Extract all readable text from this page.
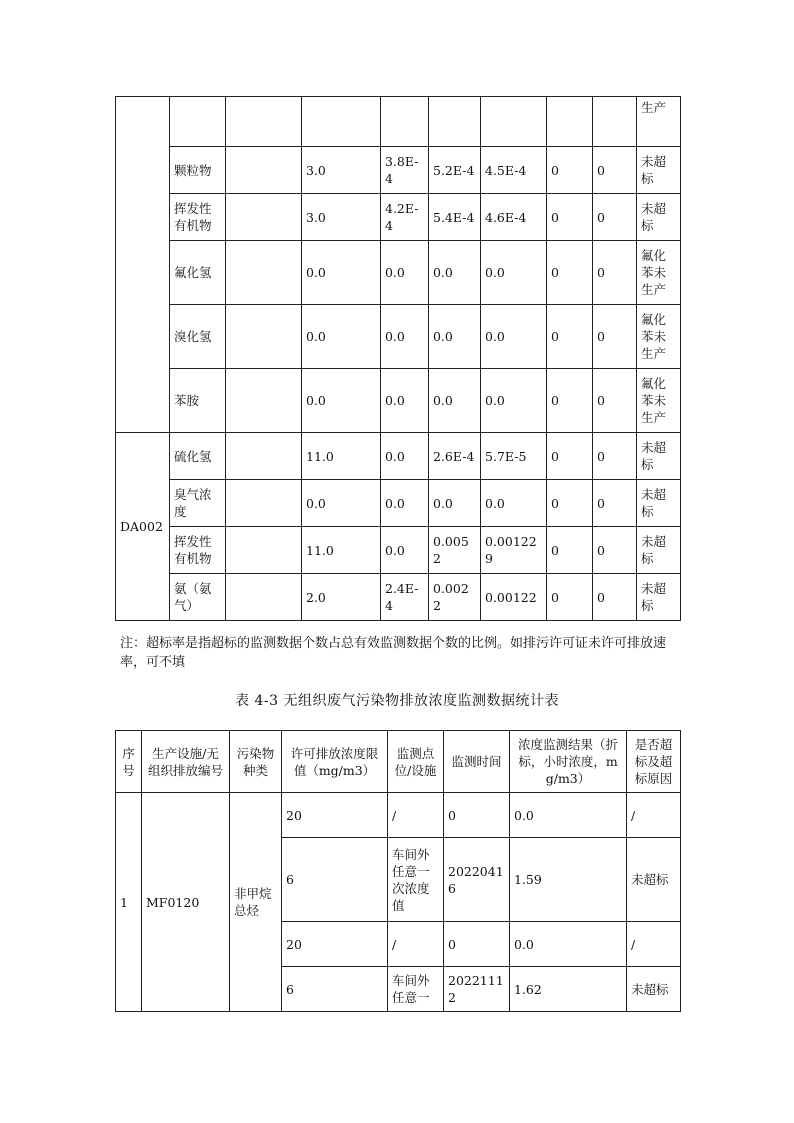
									生产
	颗粒物		3.0	3.8E-4	5.2E-4	4.5E-4	0	0	未超标
	挥发性有机物		3.0	4.2E-4	5.4E-4	4.6E-4	0	0	未超标
	氟化氢		0.0	0.0	0.0	0.0	0	0	氟化苯未生产
	溴化氢		0.0	0.0	0.0	0.0	0	0	氟化苯未生产
	苯胺		0.0	0.0	0.0	0.0	0	0	氟化苯未生产
DA002	硫化氢		11.0	0.0	2.6E-4	5.7E-5	0	0	未超标
	臭气浓度		0.0	0.0	0.0	0.0	0	0	未超标
	挥发性有机物		11.0	0.0	0.0052	0.001229	0	0	未超标
	氨（氨气）		2.0	2.4E-4	0.0022	0.00122	0	0	未超标
注：超标率是指超标的监测数据个数占总有效监测数据个数的比例。如排污许可证未许可排放速率，可不填
表 4-3 无组织废气污染物排放浓度监测数据统计表
序号	生产设施/无组织排放编号	污染物种类	许可排放浓度限值（mg/m3）	监测点位/设施	监测时间	浓度监测结果（折标，小时浓度，mg/m3）	是否超标及超标原因
1	MF0120	非甲烷总烃	20	/	0	0.0	/
			6	车间外任意一次浓度值	20220416	1.59	未超标
			20	/	0	0.0	/
			6	车间外任意一	20221112	1.62	未超标
